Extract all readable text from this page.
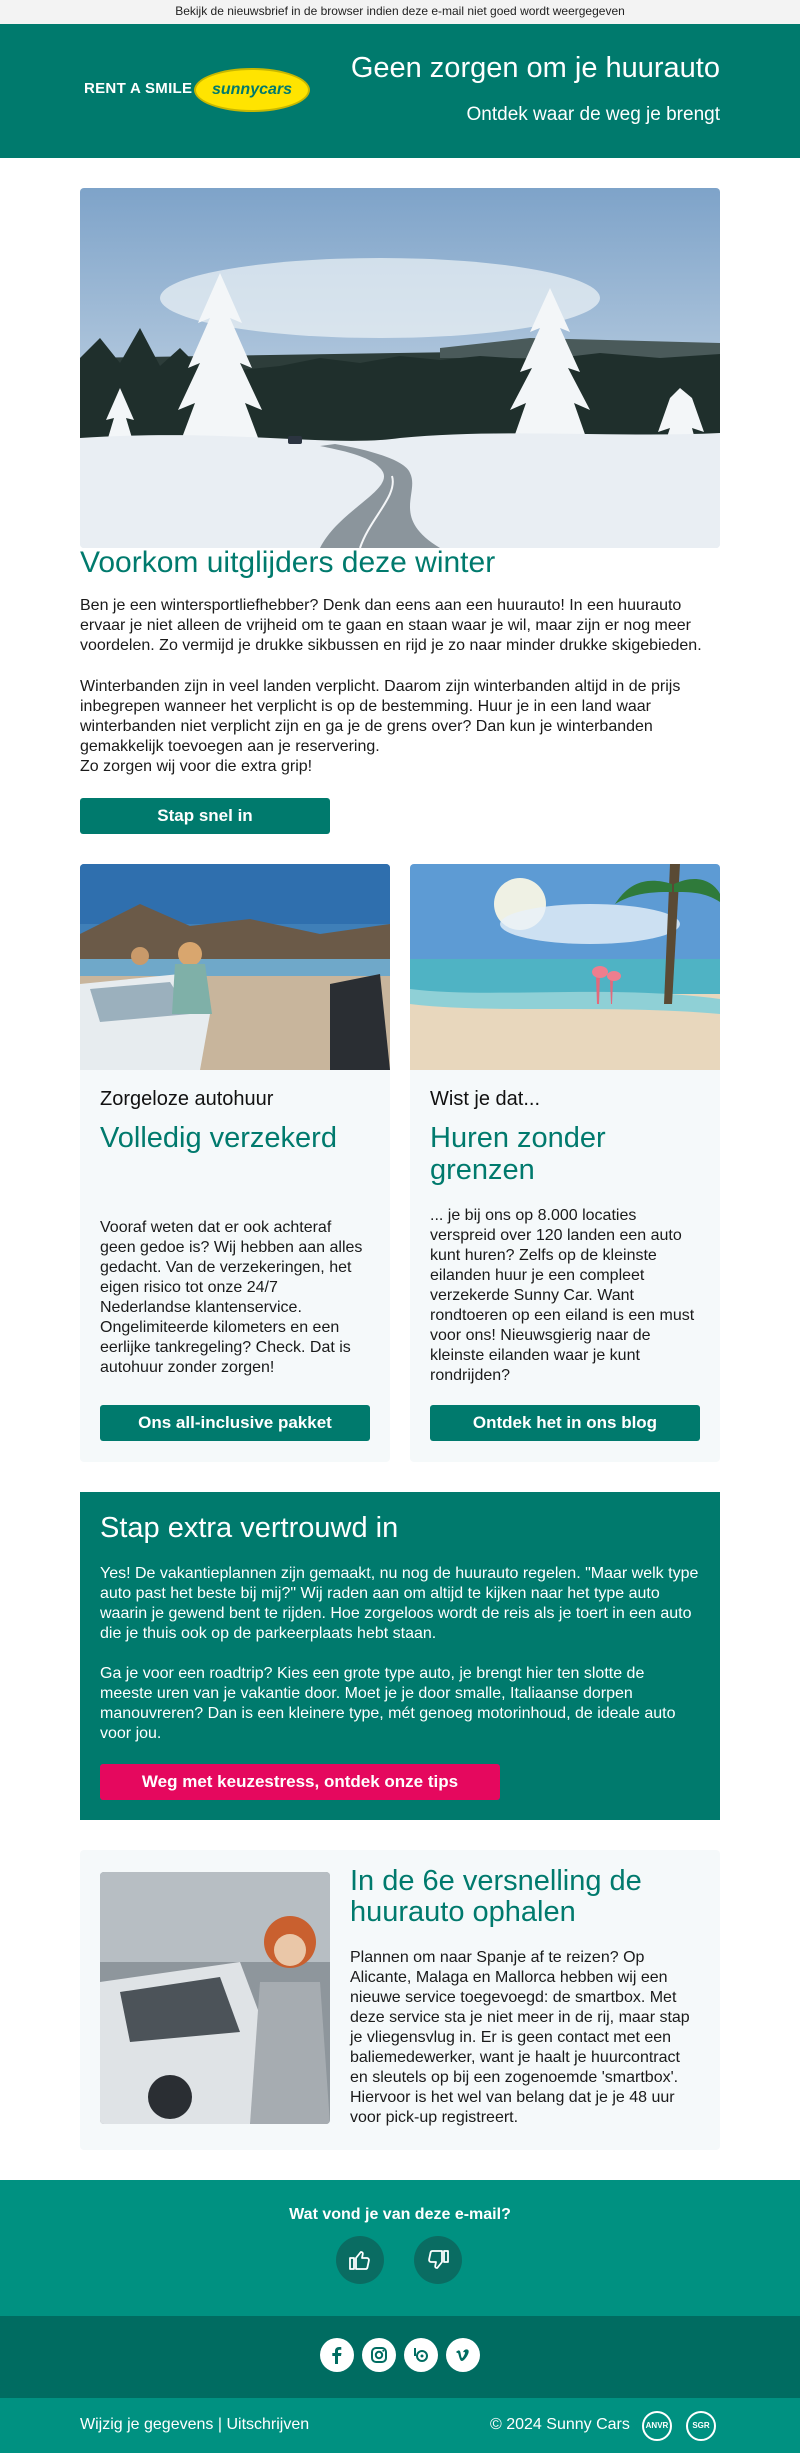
Bekijk de nieuwsbrief in de browser indien deze e-mail niet goed wordt weergegeven
RENT A SMILE	sunnycars
Geen zorgen om je huurauto
Ontdek waar de weg je brengt
Voorkom uitglijders deze winter
Ben je een wintersportliefhebber? Denk dan eens aan een huurauto! In een huurauto ervaar je niet alleen de vrijheid om te gaan en staan waar je wil, maar zijn er nog meer voordelen. Zo vermijd je drukke sikbussen en rijd je zo naar minder drukke skigebieden.
Winterbanden zijn in veel landen verplicht. Daarom zijn winterbanden altijd in de prijs inbegrepen wanneer het verplicht is op de bestemming. Huur je in een land waar winterbanden niet verplicht zijn en ga je de grens over? Dan kun je winterbanden gemakkelijk toevoegen aan je reservering.
Zo zorgen wij voor die extra grip!
Stap snel in
Zorgeloze autohuur
Volledig verzekerd
Vooraf weten dat er ook achteraf geen gedoe is? Wij hebben aan alles gedacht. Van de verzekeringen, het eigen risico tot onze 24/7 Nederlandse klantenservice. Ongelimiteerde kilometers en een eerlijke tankregeling? Check. Dat is autohuur zonder zorgen!
Ons all-inclusive pakket
Wist je dat...
Huren zonder grenzen
... je bij ons op 8.000 locaties verspreid over 120 landen een auto kunt huren? Zelfs op de kleinste eilanden huur je een compleet verzekerde Sunny Car. Want rondtoeren op een eiland is een must voor ons! Nieuwsgierig naar de kleinste eilanden waar je kunt rondrijden?
Ontdek het in ons blog
Stap extra vertrouwd in
Yes! De vakantieplannen zijn gemaakt, nu nog de huurauto regelen. "Maar welk type auto past het beste bij mij?" Wij raden aan om altijd te kijken naar het type auto waarin je gewend bent te rijden. Hoe zorgeloos wordt de reis als je toert in een auto die je thuis ook op de parkeerplaats hebt staan.
Ga je voor een roadtrip? Kies een grote type auto, je brengt hier ten slotte de meeste uren van je vakantie door. Moet je je door smalle, Italiaanse dorpen manouvreren? Dan is een kleinere type, mét genoeg motorinhoud, de ideale auto voor jou.
Weg met keuzestress, ontdek onze tips
In de 6e versnelling de huurauto ophalen
Plannen om naar Spanje af te reizen? Op Alicante, Malaga en Mallorca hebben wij een nieuwe service toegevoegd: de smartbox. Met deze service sta je niet meer in de rij, maar stap je vliegensvlug in. Er is geen contact met een baliemedewerker, want je haalt je huurcontract en sleutels op bij een zogenoemde 'smartbox'. Hiervoor is het wel van belang dat je je 48 uur voor pick-up registreert.
Wat vond je van deze e-mail?
Wijzig je gegevens | Uitschrijven	© 2024 Sunny Cars	ANVR	SGR
